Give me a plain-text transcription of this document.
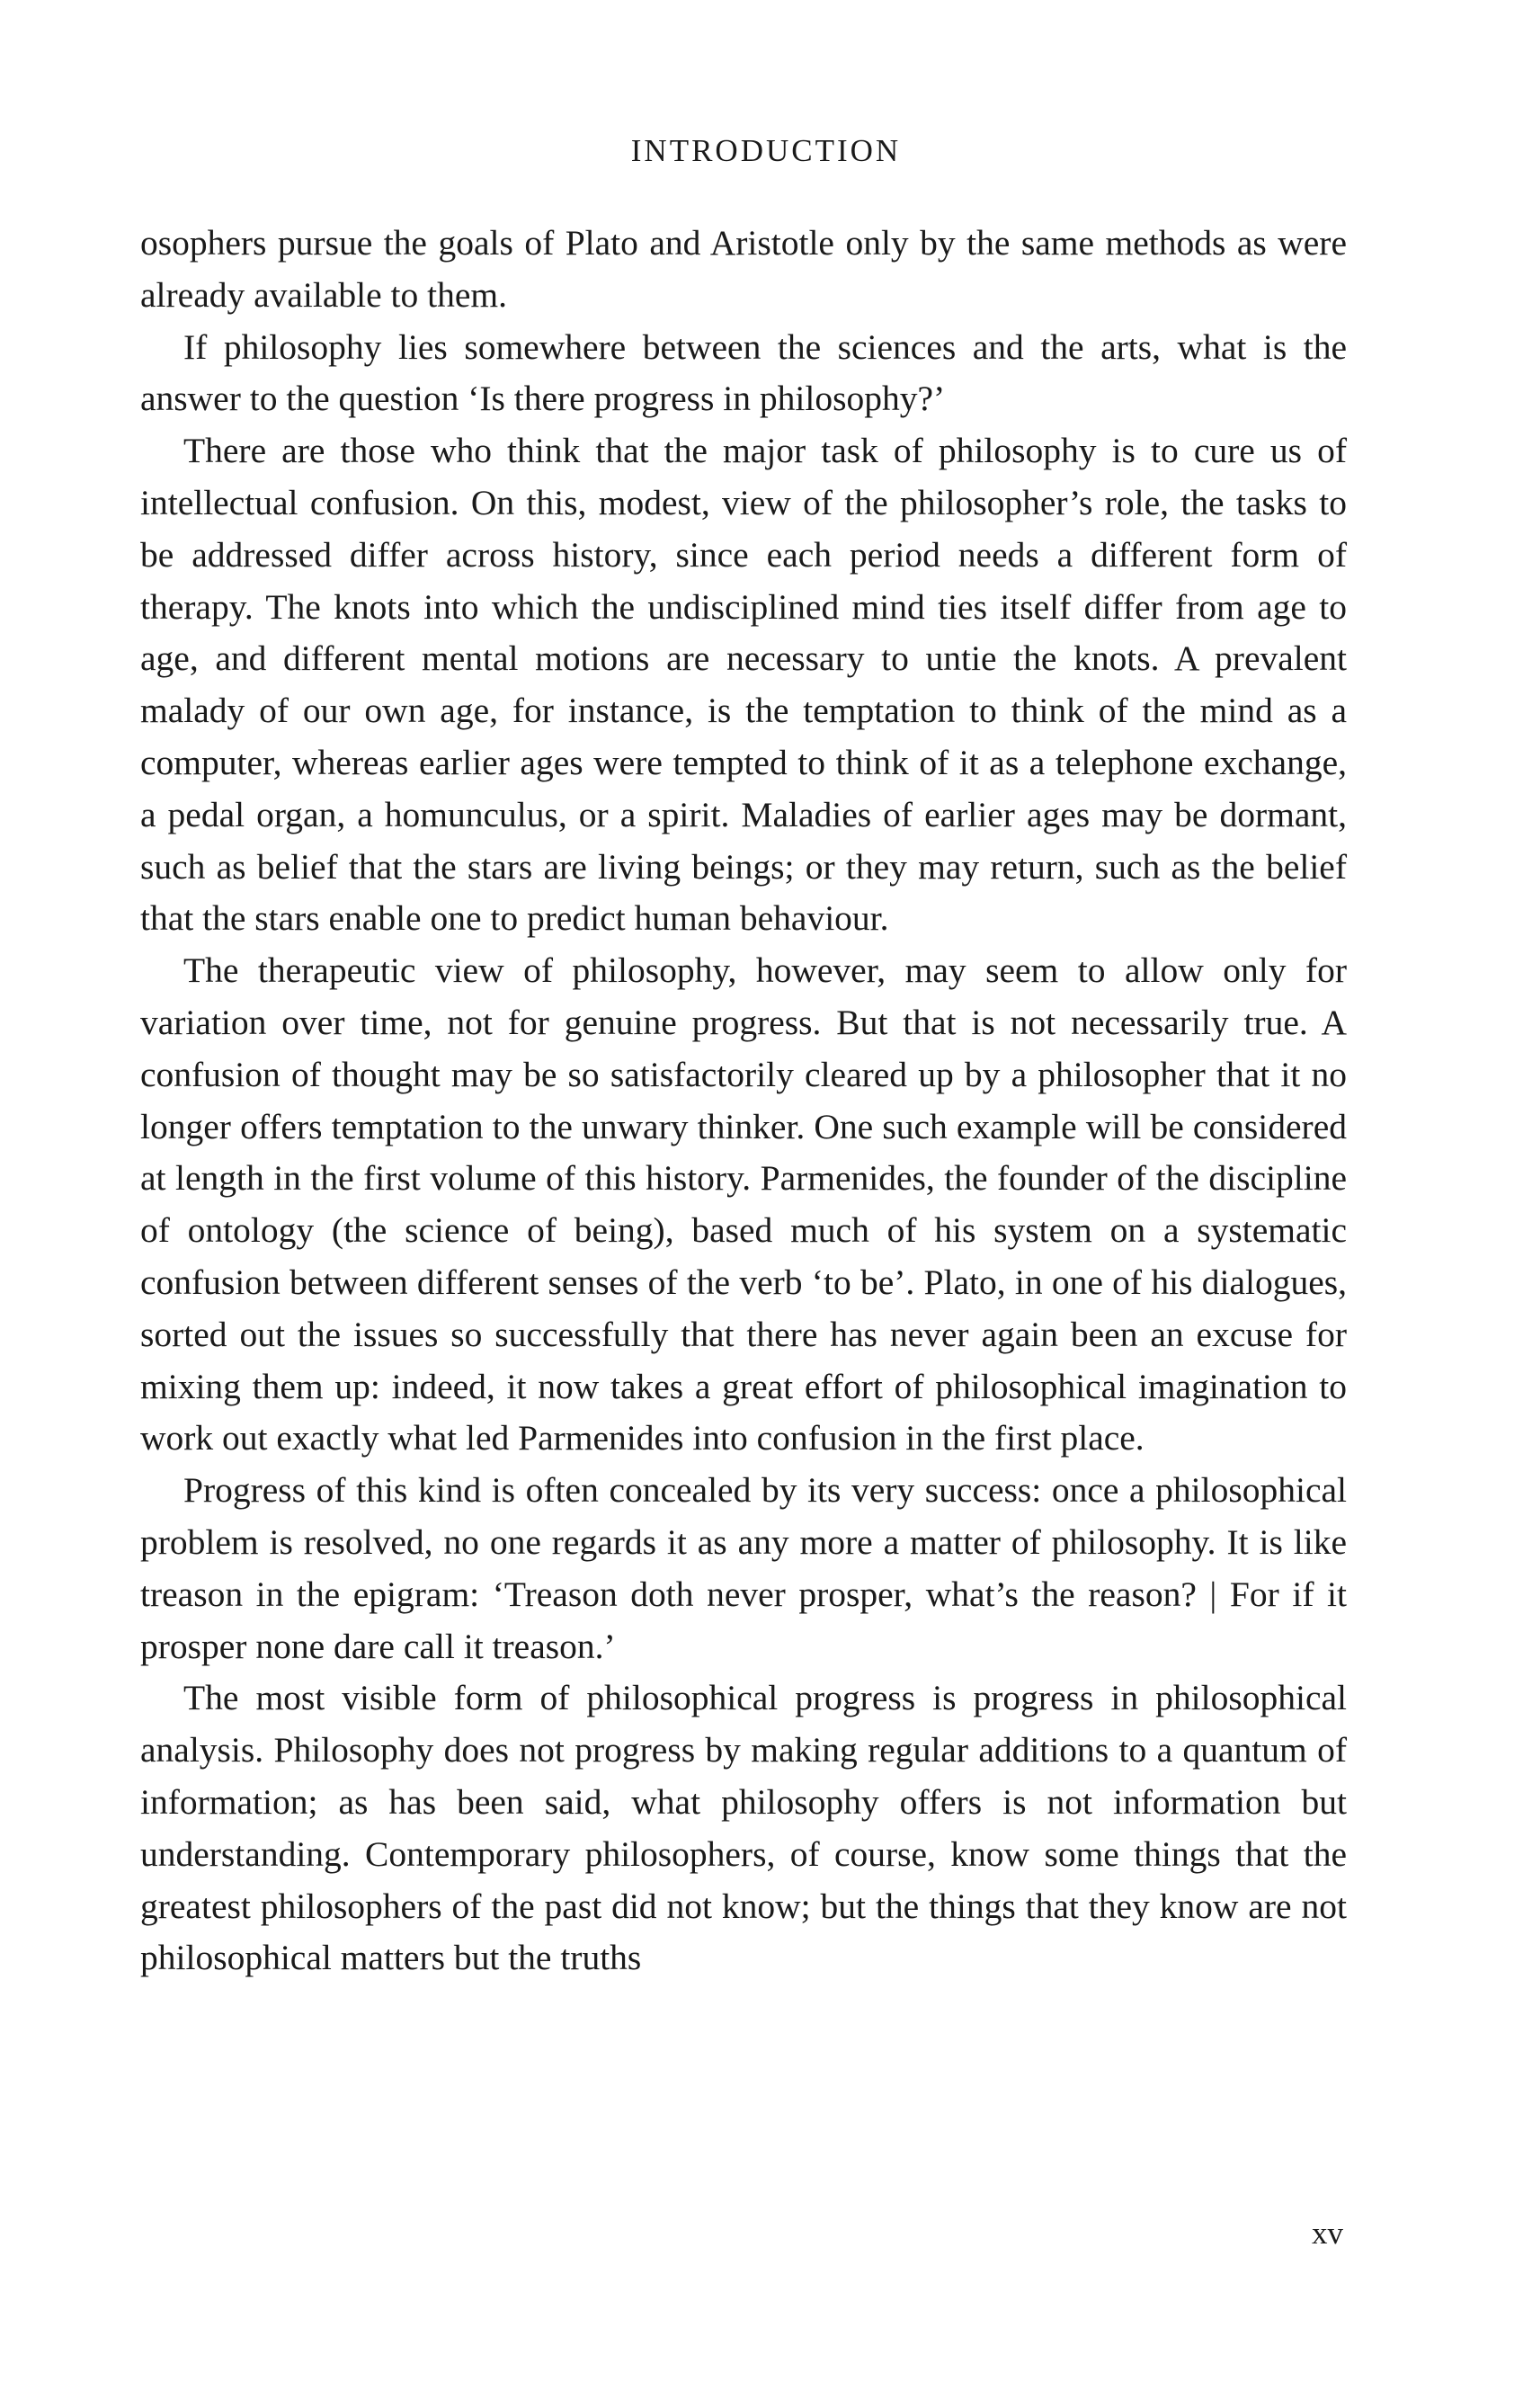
INTRODUCTION

osophers pursue the goals of Plato and Aristotle only by the same methods as were already available to them.

If philosophy lies somewhere between the sciences and the arts, what is the answer to the question ‘Is there progress in philosophy?’

There are those who think that the major task of philosophy is to cure us of intellectual confusion. On this, modest, view of the philosopher’s role, the tasks to be addressed differ across history, since each period needs a different form of therapy. The knots into which the undisciplined mind ties itself differ from age to age, and different mental motions are necessary to untie the knots. A prevalent malady of our own age, for instance, is the temptation to think of the mind as a computer, whereas earlier ages were tempted to think of it as a telephone exchange, a pedal organ, a homunculus, or a spirit. Maladies of earlier ages may be dormant, such as belief that the stars are living beings; or they may return, such as the belief that the stars enable one to predict human behaviour.

The therapeutic view of philosophy, however, may seem to allow only for variation over time, not for genuine progress. But that is not necessarily true. A confusion of thought may be so satisfactorily cleared up by a philosopher that it no longer offers temptation to the unwary thinker. One such example will be considered at length in the first volume of this history. Parmenides, the founder of the discipline of ontology (the science of being), based much of his system on a systematic confusion between different senses of the verb ‘to be’. Plato, in one of his dialogues, sorted out the issues so successfully that there has never again been an excuse for mixing them up: indeed, it now takes a great effort of philosophical imagination to work out exactly what led Parmenides into confusion in the first place.

Progress of this kind is often concealed by its very success: once a philosophical problem is resolved, no one regards it as any more a matter of philosophy. It is like treason in the epigram: ‘Treason doth never prosper, what’s the reason? | For if it prosper none dare call it treason.’

The most visible form of philosophical progress is progress in philosophical analysis. Philosophy does not progress by making regular additions to a quantum of information; as has been said, what philosophy offers is not information but understanding. Contemporary philosophers, of course, know some things that the greatest philosophers of the past did not know; but the things that they know are not philosophical matters but the truths

xv
